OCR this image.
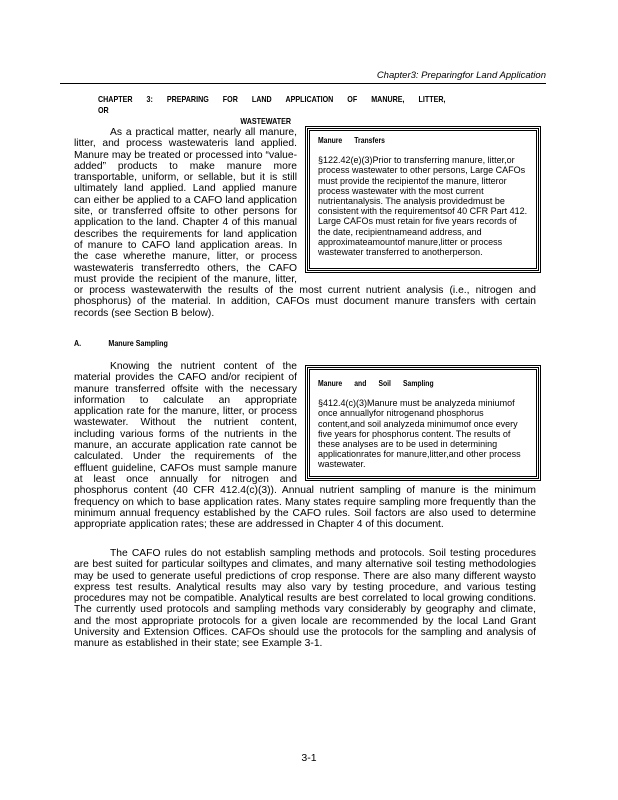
Chapter3: Preparingfor Land Application
CHAPTER 3: PREPARING FOR LAND APPLICATION OF MANURE, LITTER, OR
WASTEWATER
Manure Transfers
§122.42(e)(3)Prior to transferring manure, litter,or process wastewater to other persons, Large CAFOs must provide the recipientof the manure, litteror process wastewater with the most current nutrientanalysis. The analysis providedmust be consistent with the requirementsof 40 CFR Part 412. Large CAFOs must retain for five years records of the date, recipientnameand address, and approximateamountof manure,litter or process wastewater transferred to anotherperson.

As a practical matter, nearly all manure, litter, and process wastewateris land applied. Manure may be treated or processed into “value-added” products to make manure more transportable, uniform, or sellable, but it is still ultimately land applied. Land applied manure can either be applied to a CAFO land application site, or transferred offsite to other persons for application to the land. Chapter 4 of this manual describes the requirements for land application of manure to CAFO land application areas. In the case wherethe manure, litter, or process wastewateris transferredto others, the CAFO must provide the recipient of the manure, litter, or process wastewaterwith the results of the most current nutrient analysis (i.e., nitrogen and phosphorus) of the material. In addition, CAFOs must document manure transfers with certain records (see Section B below).

A.	Manure Sampling
Manure and Soil Sampling
§412.4(c)(3)Manure must be analyzeda miniumof once annuallyfor nitrogenand phosphorus content,and soil analyzeda minimumof once every five years for phosphorus content. The results of these analyses are to be used in determining applicationrates for manure,litter,and other process wastewater.

Knowing the nutrient content of the material provides the CAFO and/or recipient of manure transferred offsite with the necessary information to calculate an appropriate application rate for the manure, litter, or process wastewater. Without the nutrient content, including various forms of the nutrients in the manure, an accurate application rate cannot be calculated. Under the requirements of the effluent guideline, CAFOs must sample manure at least once annually for nitrogen and phosphorus content (40 CFR 412.4(c)(3)). Annual nutrient sampling of manure is the minimum frequency on which to base application rates. Many states require sampling more frequently than the minimum annual frequency established by the CAFO rules. Soil factors are also used to determine appropriate application rates; these are addressed in Chapter 4 of this document.

The CAFO rules do not establish sampling methods and protocols. Soil testing procedures are best suited for particular soiltypes and climates, and many alternative soil testing methodologies may be used to generate useful predictions of crop response. There are also many different waysto express test results. Analytical results may also vary by testing procedure, and various testing procedures may not be compatible. Analytical results are best correlated to local growing conditions. The currently used protocols and sampling methods vary considerably by geography and climate, and the most appropriate protocols for a given locale are recommended by the local Land Grant University and Extension Offices. CAFOs should use the protocols for the sampling and analysis of manure as established in their state; see Example 3-1.

3-1
